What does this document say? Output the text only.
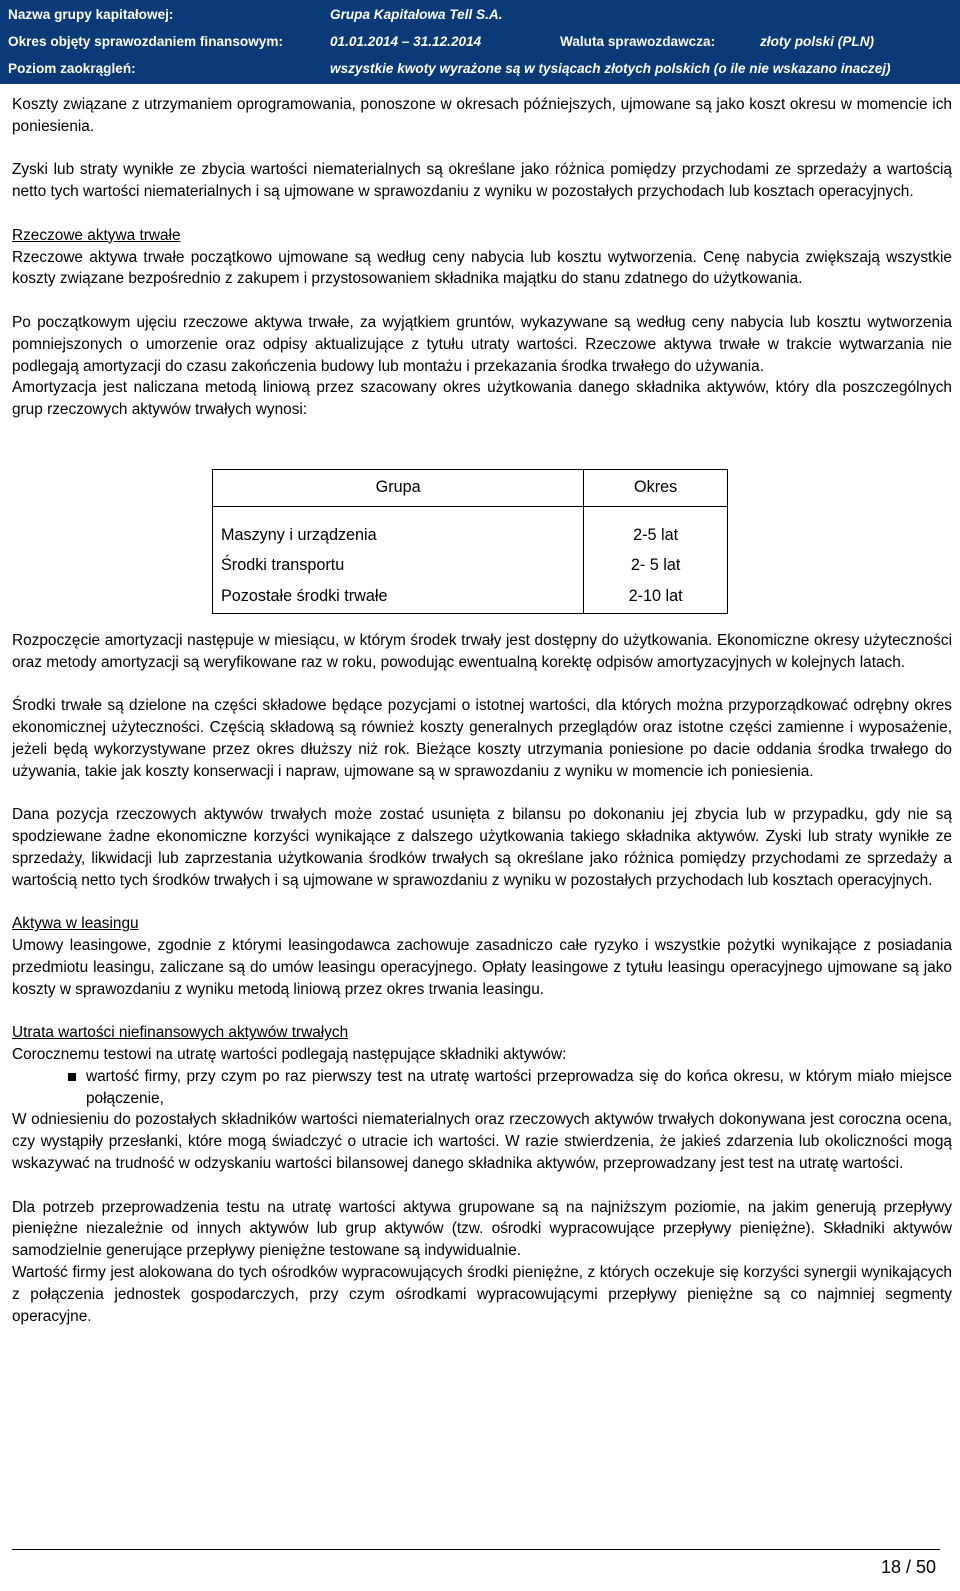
Nazwa grupy kapitałowej:	Grupa Kapitałowa Tell S.A.
Okres objęty sprawozdaniem finansowym:	01.01.2014 – 31.12.2014	Waluta sprawozdawcza:	złoty polski (PLN)
Poziom zaokrągleń:	wszystkie kwoty wyrażone są w tysiącach złotych polskich (o ile nie wskazano inaczej)

Koszty związane z utrzymaniem oprogramowania, ponoszone w okresach późniejszych, ujmowane są jako koszt okresu w momencie ich poniesienia.

Zyski lub straty wynikłe ze zbycia wartości niematerialnych są określane jako różnica pomiędzy przychodami ze sprzedaży a wartością netto tych wartości niematerialnych i są ujmowane w sprawozdaniu z wyniku w pozostałych przychodach lub kosztach operacyjnych.

Rzeczowe aktywa trwałe

Rzeczowe aktywa trwałe początkowo ujmowane są według ceny nabycia lub kosztu wytworzenia. Cenę nabycia zwiększają wszystkie koszty związane bezpośrednio z zakupem i przystosowaniem składnika majątku do stanu zdatnego do użytkowania.

Po początkowym ujęciu rzeczowe aktywa trwałe, za wyjątkiem gruntów, wykazywane są według ceny nabycia lub kosztu wytworzenia pomniejszonych o umorzenie oraz odpisy aktualizujące z tytułu utraty wartości. Rzeczowe aktywa trwałe w trakcie wytwarzania nie podlegają amortyzacji do czasu zakończenia budowy lub montażu i przekazania środka trwałego do używania.

Amortyzacja jest naliczana metodą liniową przez szacowany okres użytkowania danego składnika aktywów, który dla poszczególnych grup rzeczowych aktywów trwałych wynosi:

Grupa	Okres
Maszyny i urządzenia	2-5 lat
Środki transportu	2- 5 lat
Pozostałe środki trwałe	2-10 lat

Rozpoczęcie amortyzacji następuje w miesiącu, w którym środek trwały jest dostępny do użytkowania. Ekonomiczne okresy użyteczności oraz metody amortyzacji są weryfikowane raz w roku, powodując ewentualną korektę odpisów amortyzacyjnych w kolejnych latach.

Środki trwałe są dzielone na części składowe będące pozycjami o istotnej wartości, dla których można przyporządkować odrębny okres ekonomicznej użyteczności. Częścią składową są również koszty generalnych przeglądów oraz istotne części zamienne i wyposażenie, jeżeli będą wykorzystywane przez okres dłuższy niż rok. Bieżące koszty utrzymania poniesione po dacie oddania środka trwałego do używania, takie jak koszty konserwacji i napraw, ujmowane są w sprawozdaniu z wyniku w momencie ich poniesienia.

Dana pozycja rzeczowych aktywów trwałych może zostać usunięta z bilansu po dokonaniu jej zbycia lub w przypadku, gdy nie są spodziewane żadne ekonomiczne korzyści wynikające z dalszego użytkowania takiego składnika aktywów. Zyski lub straty wynikłe ze sprzedaży, likwidacji lub zaprzestania użytkowania środków trwałych są określane jako różnica pomiędzy przychodami ze sprzedaży a wartością netto tych środków trwałych i są ujmowane w sprawozdaniu z wyniku w pozostałych przychodach lub kosztach operacyjnych.

Aktywa w leasingu

Umowy leasingowe, zgodnie z którymi leasingodawca zachowuje zasadniczo całe ryzyko i wszystkie pożytki wynikające z posiadania przedmiotu leasingu, zaliczane są do umów leasingu operacyjnego. Opłaty leasingowe z tytułu leasingu operacyjnego ujmowane są jako koszty w sprawozdaniu z wyniku metodą liniową przez okres trwania leasingu.

Utrata wartości niefinansowych aktywów trwałych

Corocznemu testowi na utratę wartości podlegają następujące składniki aktywów:

wartość firmy, przy czym po raz pierwszy test na utratę wartości przeprowadza się do końca okresu, w którym miało miejsce połączenie,

W odniesieniu do pozostałych składników wartości niematerialnych oraz rzeczowych aktywów trwałych dokonywana jest coroczna ocena, czy wystąpiły przesłanki, które mogą świadczyć o utracie ich wartości. W razie stwierdzenia, że jakieś zdarzenia lub okoliczności mogą wskazywać na trudność w odzyskaniu wartości bilansowej danego składnika aktywów, przeprowadzany jest test na utratę wartości.

Dla potrzeb przeprowadzenia testu na utratę wartości aktywa grupowane są na najniższym poziomie, na jakim generują przepływy pieniężne niezależnie od innych aktywów lub grup aktywów (tzw. ośrodki wypracowujące przepływy pieniężne). Składniki aktywów samodzielnie generujące przepływy pieniężne testowane są indywidualnie.

Wartość firmy jest alokowana do tych ośrodków wypracowujących środki pieniężne, z których oczekuje się korzyści synergii wynikających z połączenia jednostek gospodarczych, przy czym ośrodkami wypracowującymi przepływy pieniężne są co najmniej segmenty operacyjne.

18 / 50
